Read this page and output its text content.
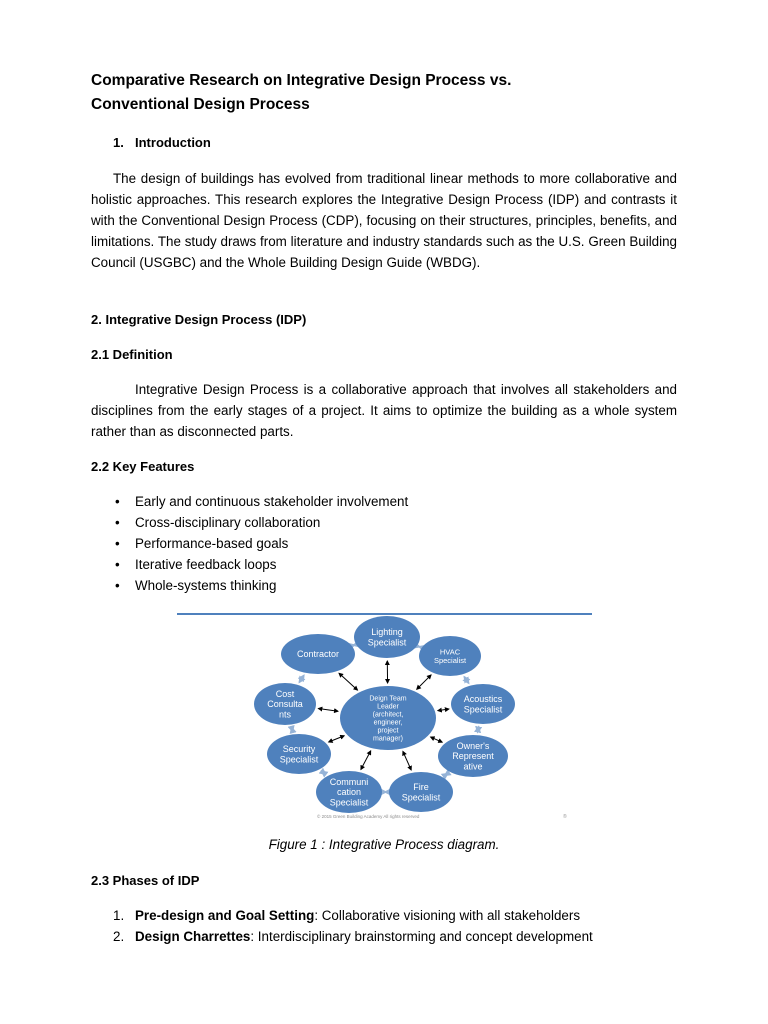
Comparative Research on Integrative Design Process vs.
Conventional Design Process
1. Introduction

The design of buildings has evolved from traditional linear methods to more collaborative and holistic approaches. This research explores the Integrative Design Process (IDP) and contrasts it with the Conventional Design Process (CDP), focusing on their structures, principles, benefits, and limitations. The study draws from literature and industry standards such as the U.S. Green Building Council (USGBC) and the Whole Building Design Guide (WBDG).

2. Integrative Design Process (IDP)
2.1 Definition

Integrative Design Process is a collaborative approach that involves all stakeholders and disciplines from the early stages of a project. It aims to optimize the building as a whole system rather than as disconnected parts.

2.2 Key Features
• Early and continuous stakeholder involvement
• Cross-disciplinary collaboration
• Performance-based goals
• Iterative feedback loops
• Whole-systems thinking
Deign Team
Leader
(architect,
engineer,
project
manager)
Lighting
Specialist
HVAC
Specialist
Acoustics
Specialist
Owner's
Represent
ative
Fire
Specialist
Communi
cation
Specialist
Security
Specialist
Cost
Consulta
nts
Contractor
© 2015 Green Building Academy All rights reserved	®
Figure 1 : Integrative Process diagram.
2.3 Phases of IDP
1. Pre-design and Goal Setting: Collaborative visioning with all stakeholders
2. Design Charrettes: Interdisciplinary brainstorming and concept development
